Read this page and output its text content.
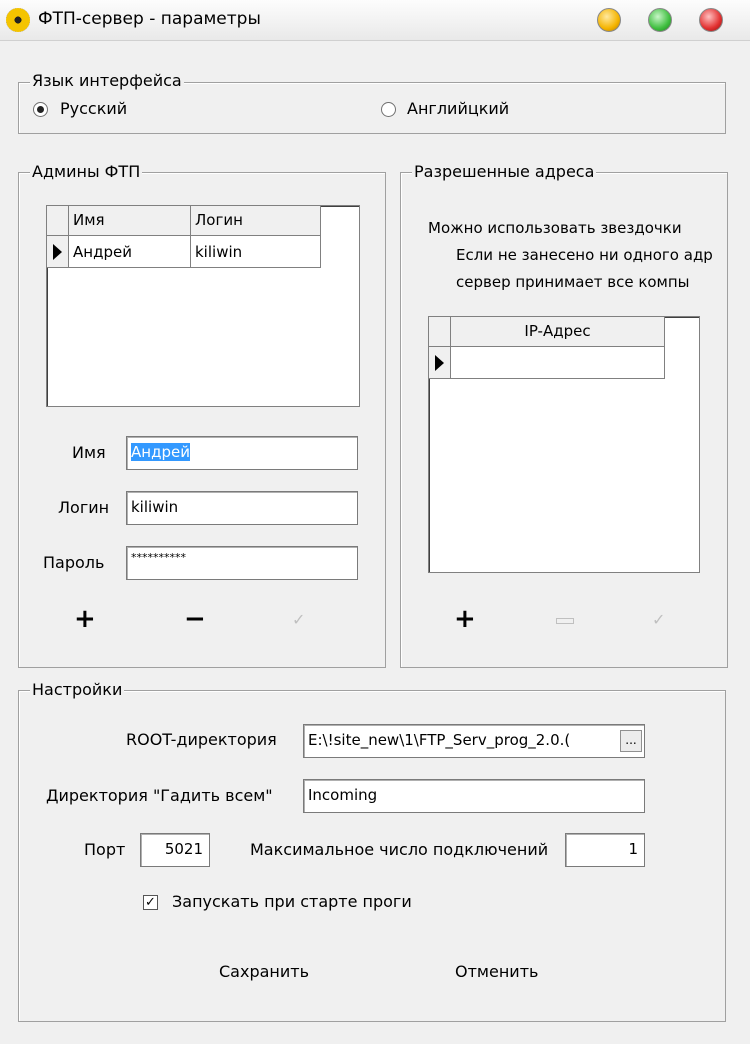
ФТП-сервер - параметры
Язык интерфейса
Русский	Английцкий
Админы ФТП
Имя	Логин
Андрей	kiliwin
Имя	Андрей
Логин	kiliwin
Пароль	**********
+	−	✓
Разрешенные адреса
Можно использовать звездочки
Если не занесено ни одного адр
сервер принимает все компы
IP-Адрес
+	✓
Настройки
ROOT-директория	E:\!site_new\1\FTP_Serv_prog_2.0.(	...
Директория "Гадить всем"	Incoming
Порт	5021	Максимальное число подключений	1
✓ Запускать при старте проги
Сахранить	Отменить
